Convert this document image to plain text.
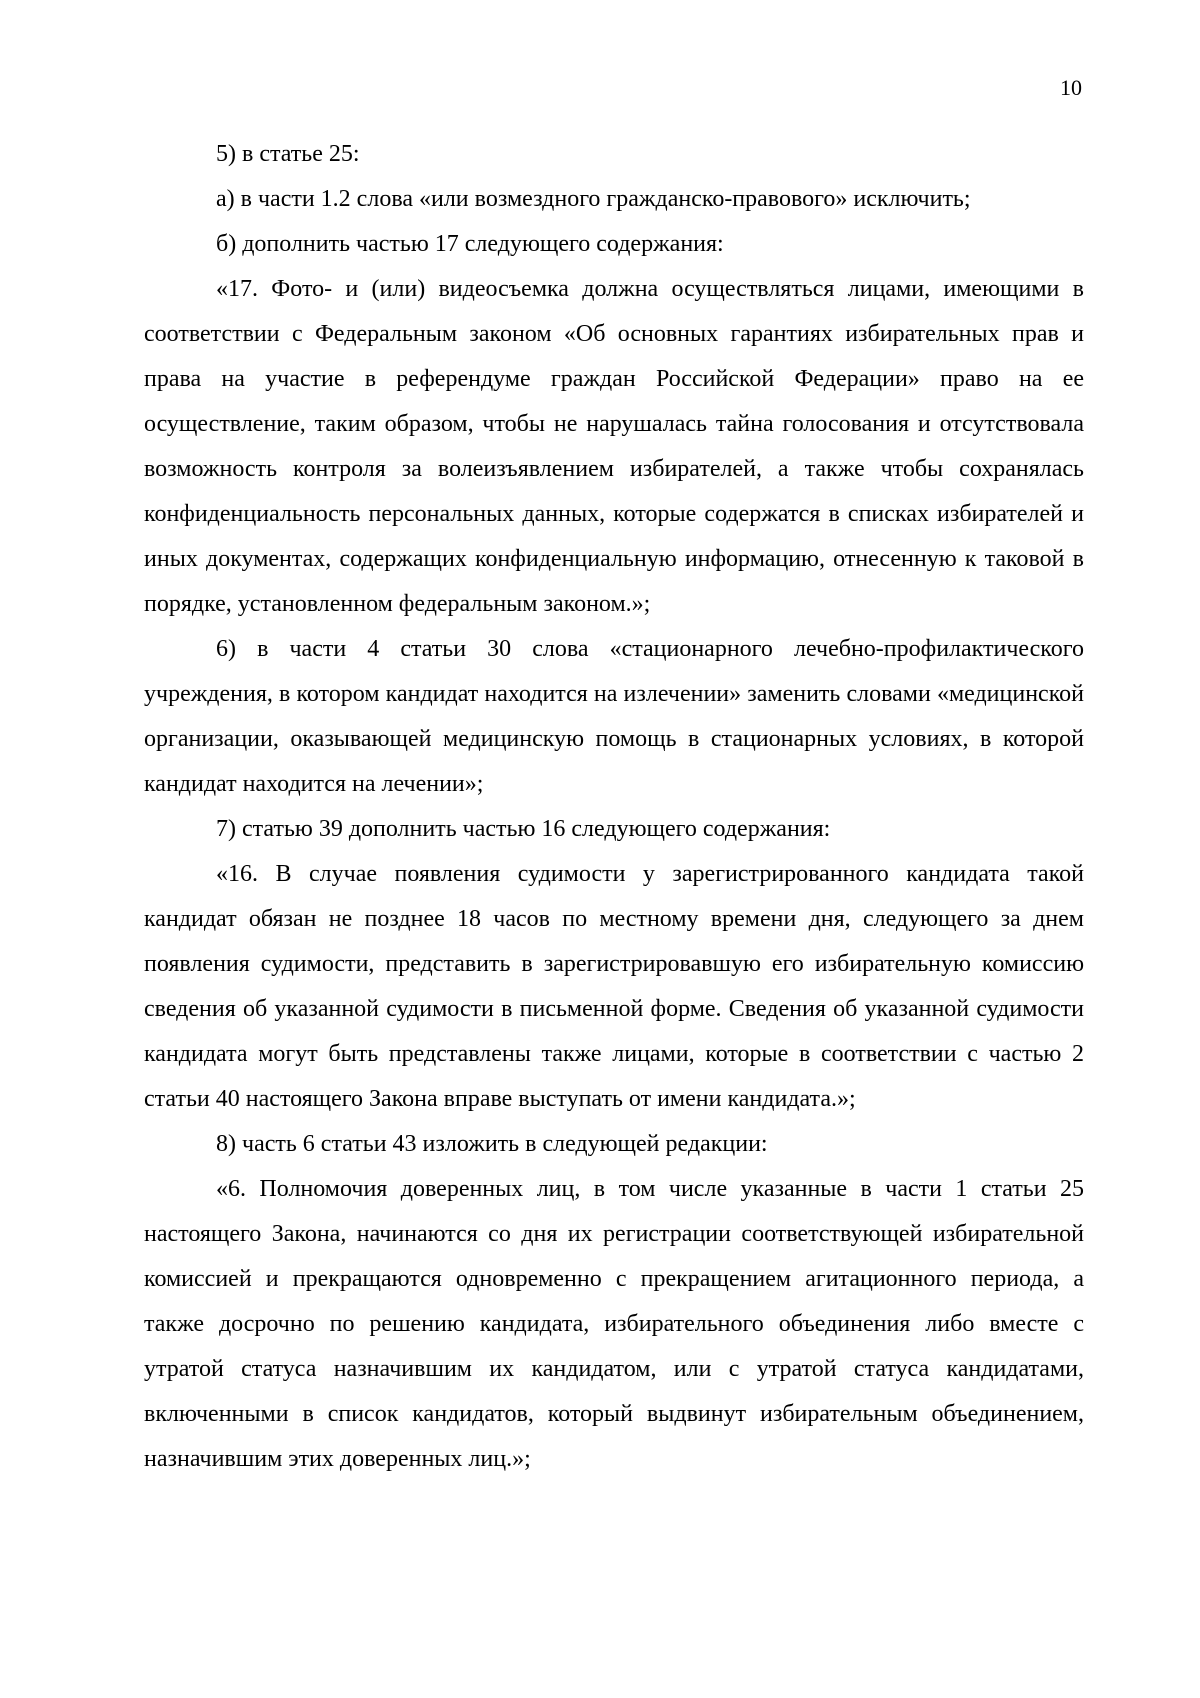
10

5) в статье 25:

а) в части 1.2 слова «или возмездного гражданско-правового» исключить;

б) дополнить частью 17 следующего содержания:

«17. Фото- и (или) видеосъемка должна осуществляться лицами, имеющими в соответствии с Федеральным законом «Об основных гарантиях избирательных прав и права на участие в референдуме граждан Российской Федерации» право на ее осуществление, таким образом, чтобы не нарушалась тайна голосования и отсутствовала возможность контроля за волеизъявлением избирателей, а также чтобы сохранялась конфиденциальность персональных данных, которые содержатся в списках избирателей и иных документах, содержащих конфиденциальную информацию, отнесенную к таковой в порядке, установленном федеральным законом.»;

6) в части 4 статьи 30 слова «стационарного лечебно-профилактического учреждения, в котором кандидат находится на излечении» заменить словами «медицинской организации, оказывающей медицинскую помощь в стационарных условиях, в которой кандидат находится на лечении»;

7) статью 39 дополнить частью 16 следующего содержания:

«16. В случае появления судимости у зарегистрированного кандидата такой кандидат обязан не позднее 18 часов по местному времени дня, следующего за днем появления судимости, представить в зарегистрировавшую его избирательную комиссию сведения об указанной судимости в письменной форме. Сведения об указанной судимости кандидата могут быть представлены также лицами, которые в соответствии с частью 2 статьи 40 настоящего Закона вправе выступать от имени кандидата.»;

8) часть 6 статьи 43 изложить в следующей редакции:

«6. Полномочия доверенных лиц, в том числе указанные в части 1 статьи 25 настоящего Закона, начинаются со дня их регистрации соответствующей избирательной комиссией и прекращаются одновременно с прекращением агитационного периода, а также досрочно по решению кандидата, избирательного объединения либо вместе с утратой статуса назначившим их кандидатом, или с утратой статуса кандидатами, включенными в список кандидатов, который выдвинут избирательным объединением, назначившим этих доверенных лиц.»;
